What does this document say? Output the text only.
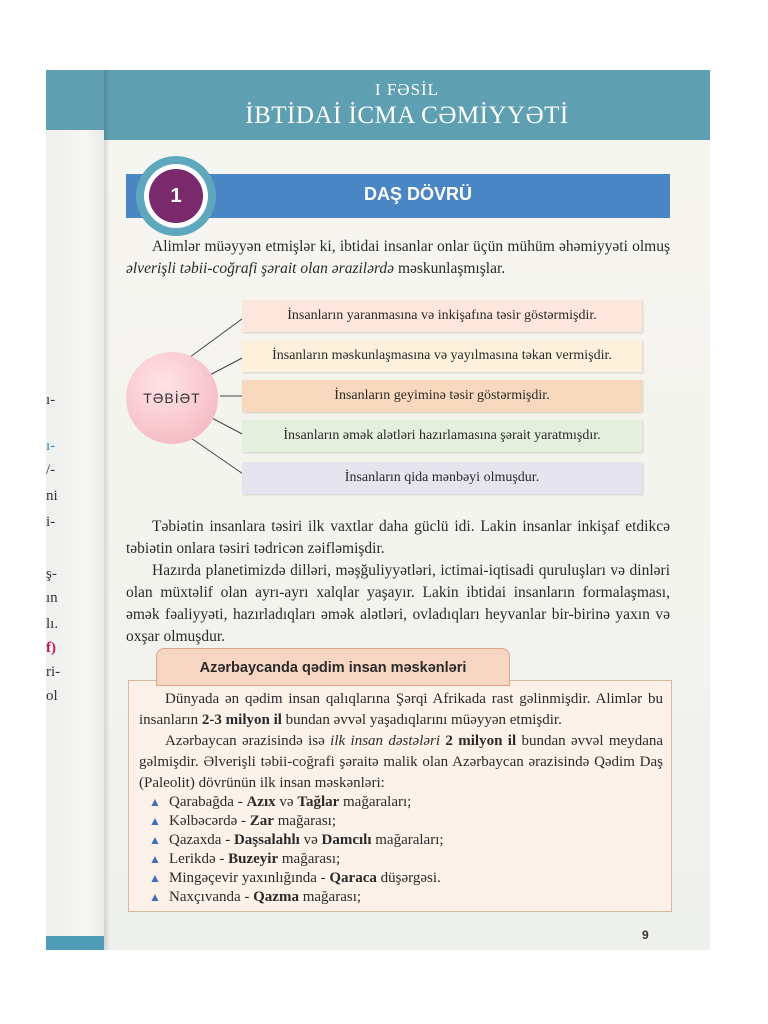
ı-
ı-
/-
ni
i-
ş-
ın
lı.
f)
ri-
ol
I FƏSİL
İBTİDAİ İCMA CƏMİYYƏTİ
DAŞ DÖVRÜ
1

Alimlər müəyyən etmişlər ki, ibtidai insanlar onlar üçün mühüm əhəmiyyəti olmuş əlverişli təbii-coğrafi şərait olan ərazilərdə məskunlaşmışlar.

TƏBİƏT
İnsanların yaranmasına və inkişafına təsir göstərmişdir.
İnsanların məskunlaşmasına və yayılmasına təkan vermişdir.
İnsanların geyiminə təsir göstərmişdir.
İnsanların əmək alətləri hazırlamasına şərait yaratmışdır.
İnsanların qida mənbəyi olmuşdur.

Təbiətin insanlara təsiri ilk vaxtlar daha güclü idi. Lakin insanlar inkişaf etdikcə təbiətin onlara təsiri tədricən zəifləmişdir.

Hazırda planetimizdə dilləri, məşğuliyyətləri, ictimai-iqtisadi quruluşları və dinləri olan müxtəlif olan ayrı-ayrı xalqlar yaşayır. Lakin ibtidai insanların formalaşması, əmək fəaliyyəti, hazırladıqları əmək alətləri, ovladıqları heyvanlar bir-birinə yaxın və oxşar olmuşdur.

Dünyada ən qədim insan qalıqlarına Şərqi Afrikada rast gəlinmişdir. Alimlər bu insanların 2-3 milyon il bundan əvvəl yaşadıqlarını müəyyən etmişdir.

Azərbaycan ərazisində isə ilk insan dəstələri 2 milyon il bundan əvvəl meydana gəlmişdir. Əlverişli təbii-coğrafi şəraitə malik olan Azərbaycan ərazisində Qədim Daş (Paleolit) dövrünün ilk insan məskənləri:

▲ Qarabağda - Azıx və Tağlar mağaraları;
▲ Kəlbəcərdə - Zar mağarası;
▲ Qazaxda - Daşsalahlı və Damcılı mağaraları;
▲ Lerikdə - Buzeyir mağarası;
▲ Mingəçevir yaxınlığında - Qaraca düşərgəsi.
▲ Naxçıvanda - Qazma mağarası;
Azərbaycanda qədim insan məskənləri
9
